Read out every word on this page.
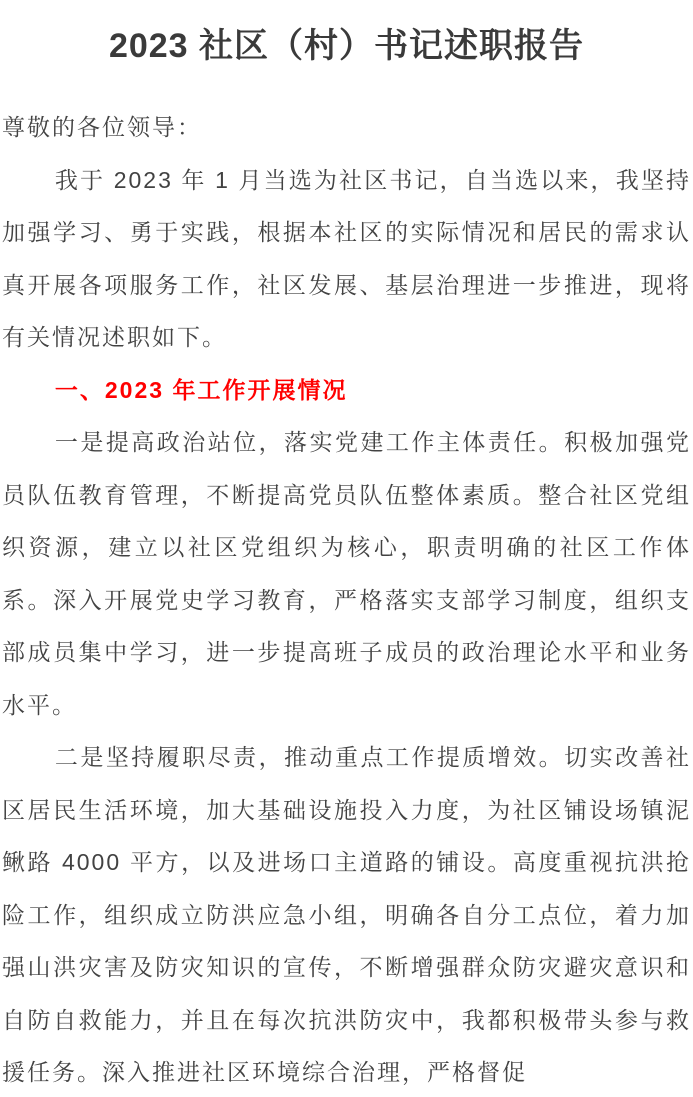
2023 社区（村）书记述职报告

尊敬的各位领导：

我于 2023 年 1 月当选为社区书记，自当选以来，我坚持加强学习、勇于实践，根据本社区的实际情况和居民的需求认真开展各项服务工作，社区发展、基层治理进一步推进，现将有关情况述职如下。

一、2023 年工作开展情况

一是提高政治站位，落实党建工作主体责任。积极加强党员队伍教育管理，不断提高党员队伍整体素质。整合社区党组织资源，建立以社区党组织为核心，职责明确的社区工作体系。深入开展党史学习教育，严格落实支部学习制度，组织支部成员集中学习，进一步提高班子成员的政治理论水平和业务水平。

二是坚持履职尽责，推动重点工作提质增效。切实改善社区居民生活环境，加大基础设施投入力度，为社区铺设场镇泥鳅路 4000 平方，以及进场口主道路的铺设。高度重视抗洪抢险工作，组织成立防洪应急小组，明确各自分工点位，着力加强山洪灾害及防灾知识的宣传，不断增强群众防灾避灾意识和自防自救能力，并且在每次抗洪防灾中，我都积极带头参与救援任务。深入推进社区环境综合治理，严格督促
